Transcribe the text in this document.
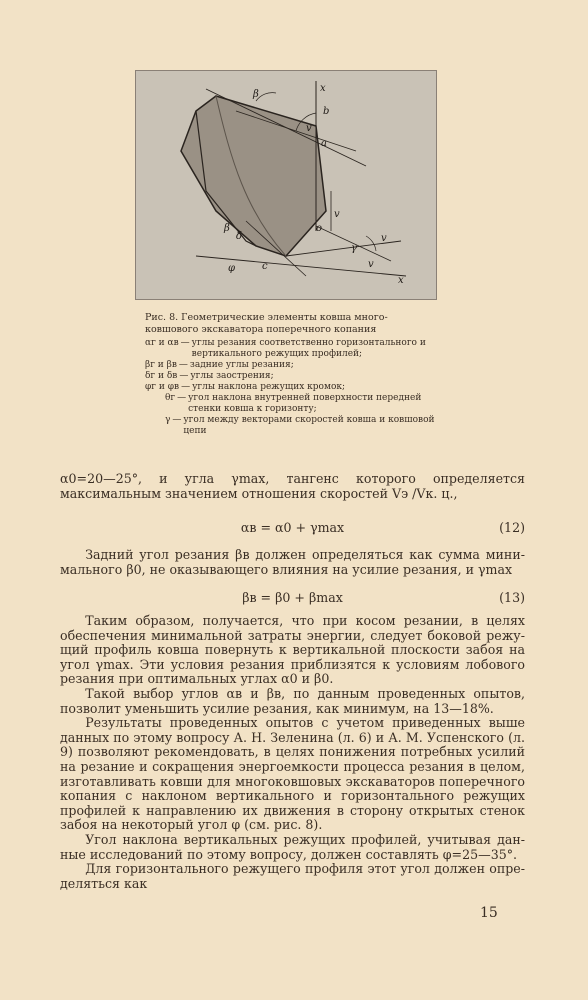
β
a
x
b
β
δ
v
v
γ
o
v
x
c
φ
v
Рис. 8. Геометрические элементы ковша многоковшового экскаватора поперечного копания
αг и αв — углы резания соответственно горизонтального и вертикального режущих профилей;
βг и βв — задние углы резания;
δг и δв — углы заострения;
φг и φв — углы наклона режущих кромок;
θг — угол наклона внутренней поверхности передней стенки ковша к горизонту;
γ — угол между векторами скоростей ковша и ковшовой цепи

α0=20—25°, и угла γmax, тангенс которого определяется максимальным значением отношения скоростей Vэ /Vк. ц.,

αв = α0 + γmax	(12)

Задний угол резания βв должен определяться как сумма минимального β0, не оказывающего влияния на усилие резания, и γmax

βв = β0 + βmax	(13)

Таким образом, получается, что при косом резании, в целях обеспечения минимальной затраты энергии, следует боковой режущий профиль ковша повернуть к вертикальной плоскости забоя на угол γmax. Эти условия резания приблизятся к условиям лобового резания при оптимальных углах α0 и β0.

Такой выбор углов αв и βв, по данным проведенных опытов, позволит уменьшить усилие резания, как минимум, на 13—18%.

Результаты проведенных опытов с учетом приведенных выше данных по этому вопросу А. Н. Зеленина (л. 6) и А. М. Успенского (л. 9) позволяют рекомендовать, в целях понижения потребных усилий на резание и сокращения энергоемкости процесса резания в целом, изготавливать ковши для многоковшовых экскаваторов поперечного копания с наклоном вертикального и горизонтального режущих профилей к направлению их движения в сторону открытых стенок забоя на некоторый угол φ (см. рис. 8).

Угол наклона вертикальных режущих профилей, учитывая данные исследований по этому вопросу, должен составлять φ=25—35°.

Для горизонтального режущего профиля этот угол должен определяться как

15
